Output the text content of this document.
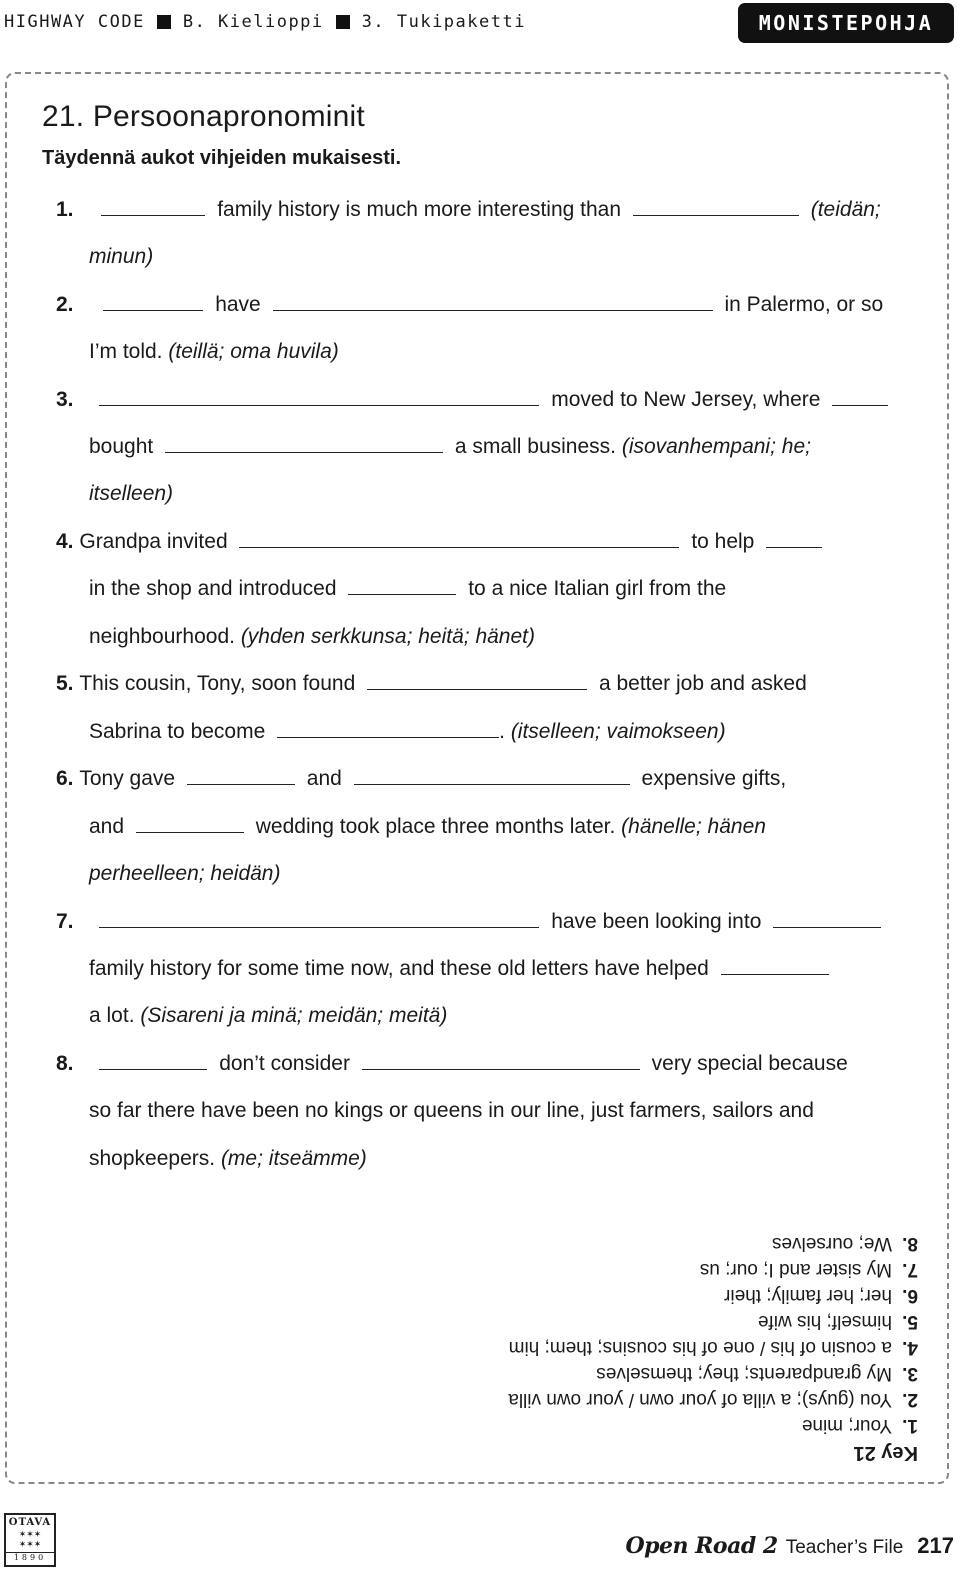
HIGHWAY CODE B. Kielioppi 3. Tukipaketti	MONISTEPOHJA
21. Persoonapronominit
Täydennä aukot vihjeiden mukaisesti.
1.	family history is much more interesting than	(teidän;
minun)
2.	have	in Palermo, or so
I’m told. (teillä; oma huvila)
3.	moved to New Jersey, where
bought	a small business. (isovanhempani; he;
itselleen)
4. Grandpa invited	to help
in the shop and introduced	to a nice Italian girl from the
neighbourhood. (yhden serkkunsa; heitä; hänet)
5. This cousin, Tony, soon found	a better job and asked
Sabrina to become	. (itselleen; vaimokseen)
6. Tony gave	and	expensive gifts,
and	wedding took place three months later. (hänelle; hänen
perheelleen; heidän)
7.	have been looking into
family history for some time now, and these old letters have helped
a lot. (Sisareni ja minä; meidän; meitä)
8.	don’t consider	very special because
so far there have been no kings or queens in our line, just farmers, sailors and
shopkeepers. (me; itseämme)
Key 21
1.Your; mine
2.You (guys); a villa of your own / your own villa
3.My grandparents; they; themselves
4.a cousin of his / one of his cousins; them; him
5.himself; his wife
6.her; her family; their
7.My sister and I; our; us
8.We; ourselves
OTAVA
✶✶✶
✶✶✶
1890	Open Road 2 Teacher’s File 217
